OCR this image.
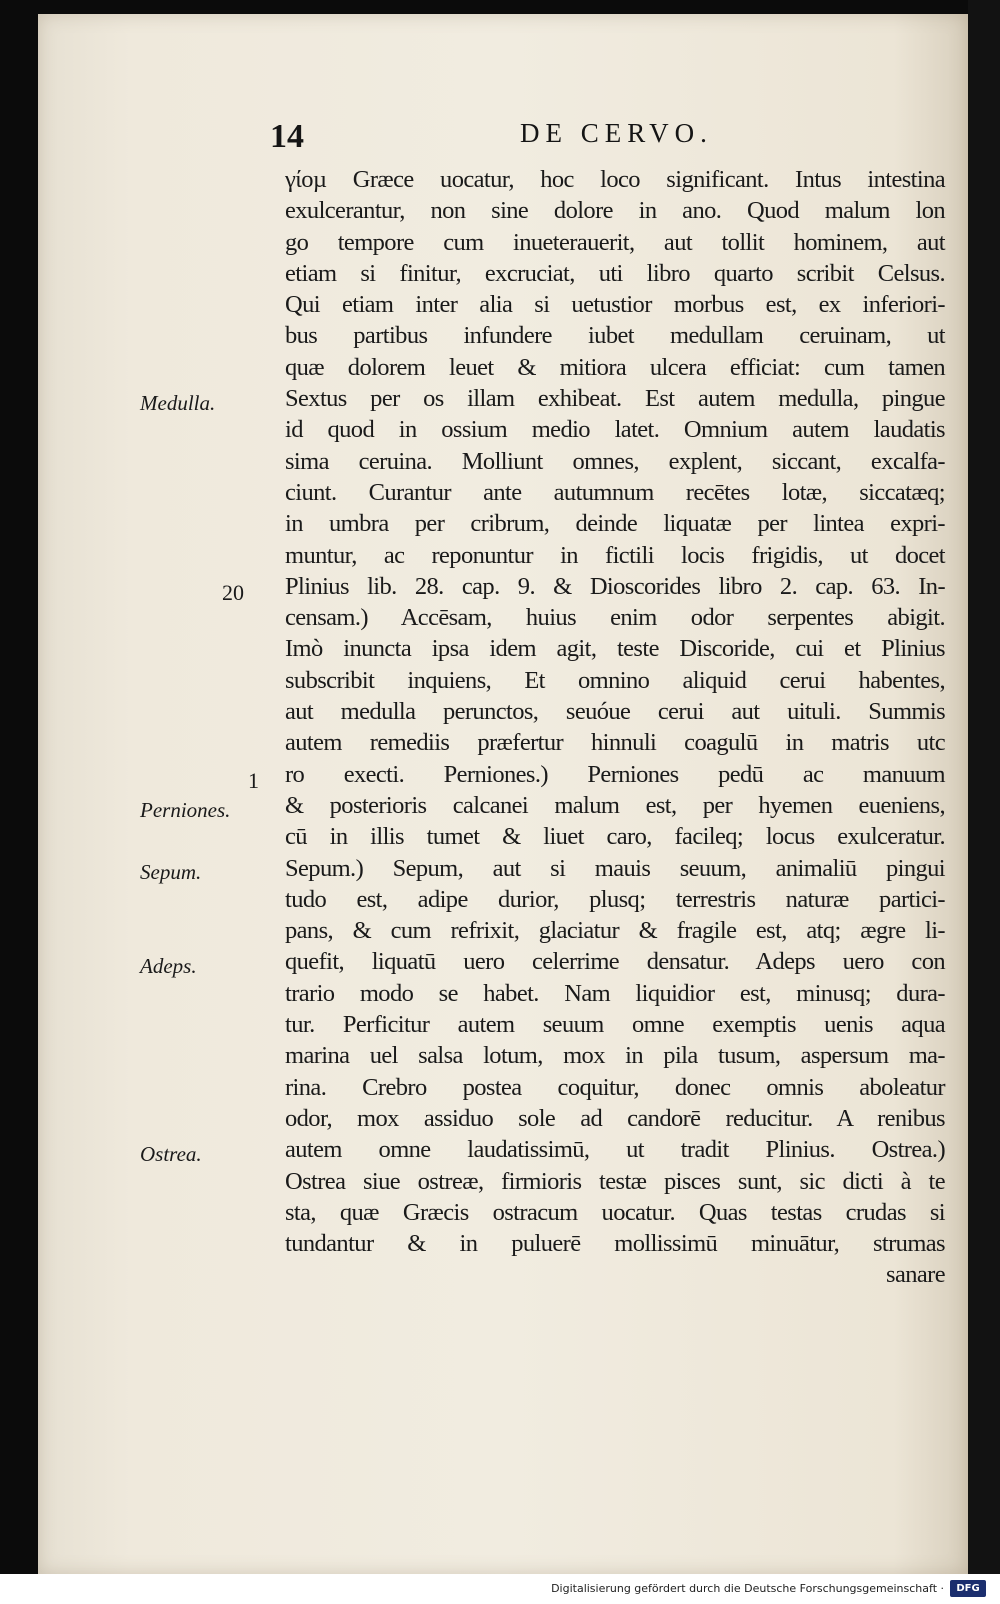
14	DE CERVO.
Medulla.
20
1
Perniones.
Sepum.
Adeps.
Ostrea.
γίοµ Græce uocatur, hoc loco significant. Intus intestina
exulcerantur, non sine dolore in ano. Quod malum lon
go tempore cum inueterauerit, aut tollit hominem, aut
etiam si finitur, excruciat, uti libro quarto scribit Celsus.
Qui etiam inter alia si uetustior morbus est, ex inferiori-
bus partibus infundere iubet medullam ceruinam, ut
quæ dolorem leuet & mitiora ulcera efficiat: cum tamen
Sextus per os illam exhibeat. Est autem medulla, pingue
id quod in ossium medio latet. Omnium autem laudatis
sima ceruina. Molliunt omnes, explent, siccant, excalfa-
ciunt. Curantur ante autumnum recētes lotæ, siccatæq;
in umbra per cribrum, deinde liquatæ per lintea expri-
muntur, ac reponuntur in fictili locis frigidis, ut docet
Plinius lib. 28. cap. 9. & Dioscorides libro 2. cap. 63. In-
censam.) Accēsam, huius enim odor serpentes abigit.
Imò inuncta ipsa idem agit, teste Discoride, cui et Plinius
subscribit inquiens, Et omnino aliquid cerui habentes,
aut medulla perunctos, seuóue cerui aut uituli. Summis
autem remediis præfertur hinnuli coagulū in matris utc
ro execti. Perniones.) Perniones pedū ac manuum
& posterioris calcanei malum est, per hyemen eueniens,
cū in illis tumet & liuet caro, facileq; locus exulceratur.
Sepum.) Sepum, aut si mauis seuum, animaliū pingui
tudo est, adipe durior, plusq; terrestris naturæ partici-
pans, & cum refrixit, glaciatur & fragile est, atq; ægre li-
quefit, liquatū uero celerrime densatur. Adeps uero con
trario modo se habet. Nam liquidior est, minusq; dura-
tur. Perficitur autem seuum omne exemptis uenis aqua
marina uel salsa lotum, mox in pila tusum, aspersum ma-
rina. Crebro postea coquitur, donec omnis aboleatur
odor, mox assiduo sole ad candorē reducitur. A renibus
autem omne laudatissimū, ut tradit Plinius. Ostrea.)
Ostrea siue ostreæ, firmioris testæ pisces sunt, sic dicti à te
sta, quæ Græcis ostracum uocatur. Quas testas crudas si
tundantur & in puluerē mollissimū minuātur, strumas
sanare
Digitalisierung gefördert durch die Deutsche Forschungsgemeinschaft ·	DFG
